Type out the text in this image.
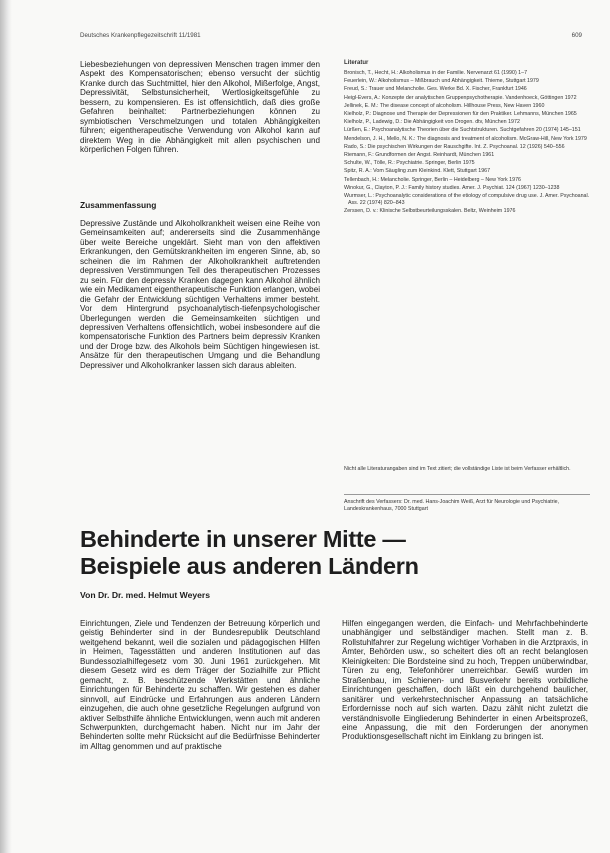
Deutsches Krankenpflegezeitschrift 11/1981	609
Liebesbeziehungen von depressiven Menschen tragen immer den Aspekt des Kompensatorischen; ebenso versucht der süchtig Kranke durch das Suchtmittel, hier den Alkohol, Mißerfolge, Angst, Depressivität, Selbstunsicherheit, Wertlosigkeitsgefühle zu bessern, zu kompensieren. Es ist offensichtlich, daß dies große Gefahren beinhaltet: Partnerbeziehungen können zu symbiotischen Verschmelzungen und totalen Abhängigkeiten führen; eigentherapeutische Verwendung von Alkohol kann auf direktem Weg in die Abhängigkeit mit allen psychischen und körperlichen Folgen führen.
Zusammenfassung
Depressive Zustände und Alkoholkrankheit weisen eine Reihe von Gemeinsamkeiten auf; andererseits sind die Zusammenhänge über weite Bereiche ungeklärt. Sieht man von den affektiven Erkrankungen, den Gemütskrankheiten im engeren Sinne, ab, so scheinen die im Rahmen der Alkoholkrankheit auftretenden depressiven Verstimmungen Teil des therapeutischen Prozesses zu sein. Für den depressiv Kranken dagegen kann Alkohol ähnlich wie ein Medikament eigentherapeutische Funktion erlangen, wobei die Gefahr der Entwicklung süchtigen Verhaltens immer besteht. Vor dem Hintergrund psychoanalytisch-tiefenpsychologischer Überlegungen werden die Gemeinsamkeiten süchtigen und depressiven Verhaltens offensichtlich, wobei insbesondere auf die kompensatorische Funktion des Partners beim depressiv Kranken und der Droge bzw. des Alkohols beim Süchtigen hingewiesen ist. Ansätze für den therapeutischen Umgang und die Behandlung Depressiver und Alkoholkranker lassen sich daraus ableiten.
Literatur
Bronisch, T., Hecht, H.: Alkoholismus in der Familie. Nervenarzt 61 (1990) 1–7
Feuerlein, W.: Alkoholismus – Mißbrauch und Abhängigkeit. Thieme, Stuttgart 1979
Freud, S.: Trauer und Melancholie. Ges. Werke Bd. X. Fischer, Frankfurt 1946
Heigl-Evers, A.: Konzepte der analytischen Gruppenpsychotherapie. Vandenhoeck, Göttingen 1972
Jellinek, E. M.: The disease concept of alcoholism. Hillhouse Press, New Haven 1960
Kielholz, P.: Diagnose und Therapie der Depressionen für den Praktiker. Lehmanns, München 1965
Kielholz, P., Ladewig, D.: Die Abhängigkeit von Drogen. dtv, München 1972
Lürßen, E.: Psychoanalytische Theorien über die Suchtstrukturen. Suchtgefahren 20 (1974) 145–151
Mendelson, J. H., Mello, N. K.: The diagnosis and treatment of alcoholism. McGraw-Hill, New York 1979
Rado, S.: Die psychischen Wirkungen der Rauschgifte. Int. Z. Psychoanal. 12 (1926) 540–556
Riemann, F.: Grundformen der Angst. Reinhardt, München 1961
Schulte, W., Tölle, R.: Psychiatrie. Springer, Berlin 1975
Spitz, R. A.: Vom Säugling zum Kleinkind. Klett, Stuttgart 1967
Tellenbach, H.: Melancholie. Springer, Berlin – Heidelberg – New York 1976
Winokur, G., Clayton, P. J.: Family history studies. Amer. J. Psychiat. 124 (1967) 1230–1238
Wurmser, L.: Psychoanalytic considerations of the etiology of compulsive drug use. J. Amer. Psychoanal. Ass. 22 (1974) 820–843
Zerssen, D. v.: Klinische Selbstbeurteilungsskalen. Beltz, Weinheim 1976
Nicht alle Literaturangaben sind im Text zitiert; die vollständige Liste ist beim Verfasser erhältlich.
Anschrift des Verfassers: Dr. med. Hans-Joachim Weiß, Arzt für Neurologie und Psychiatrie, Landeskrankenhaus, 7000 Stuttgart
Behinderte in unserer Mitte —
Beispiele aus anderen Ländern
Von Dr. Dr. med. Helmut Weyers
Einrichtungen, Ziele und Tendenzen der Betreuung körperlich und geistig Behinderter sind in der Bundesrepublik Deutschland weitgehend bekannt, weil die sozialen und pädagogischen Hilfen in Heimen, Tagesstätten und anderen Institutionen auf das Bundessozialhilfegesetz vom 30. Juni 1961 zurückgehen. Mit diesem Gesetz wird es dem Träger der Sozialhilfe zur Pflicht gemacht, z. B. beschützende Werkstätten und ähnliche Einrichtungen für Behinderte zu schaffen. Wir gestehen es daher sinnvoll, auf Eindrücke und Erfahrungen aus anderen Ländern einzugehen, die auch ohne gesetzliche Regelungen aufgrund von aktiver Selbsthilfe ähnliche Entwicklungen, wenn auch mit anderen Schwerpunkten, durchgemacht haben. Nicht nur im Jahr der Behinderten sollte mehr Rücksicht auf die Bedürfnisse Behinderter im Alltag genommen und auf praktische
Hilfen eingegangen werden, die Einfach- und Mehrfachbehinderte unabhängiger und selbständiger machen. Stellt man z. B. Rollstuhlfahrer zur Regelung wichtiger Vorhaben in die Arztpraxis, in Ämter, Behörden usw., so scheitert dies oft an recht belanglosen Kleinigkeiten: Die Bordsteine sind zu hoch, Treppen unüberwindbar, Türen zu eng, Telefonhörer unerreichbar. Gewiß wurden im Straßenbau, im Schienen- und Busverkehr bereits vorbildliche Einrichtungen geschaffen, doch läßt ein durchgehend baulicher, sanitärer und verkehrstechnischer Anpassung an tatsächliche Erfordernisse noch auf sich warten. Dazu zählt nicht zuletzt die verständnisvolle Eingliederung Behinderter in einen Arbeitsprozeß, eine Anpassung, die mit den Forderungen der anonymen Produktionsgesellschaft nicht im Einklang zu bringen ist.
